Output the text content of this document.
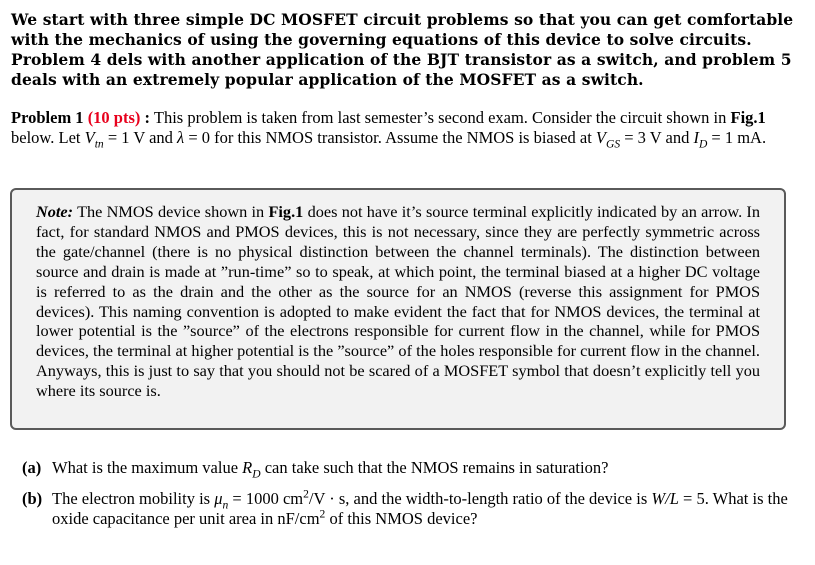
We start with three simple DC MOSFET circuit problems so that you can get comfortable with the mechanics of using the governing equations of this device to solve circuits. Problem 4 dels with another application of the BJT transistor as a switch, and problem 5 deals with an extremely popular application of the MOSFET as a switch.
Problem 1 (10 pts) : This problem is taken from last semester’s second exam. Consider the circuit shown in Fig.1 below. Let $V_{tn} = 1$ V and λ = 0 for this NMOS transistor. Assume the NMOS is biased at $V_{GS} = 3$ V and $I_D = 1$ mA.
Note: The NMOS device shown in Fig.1 does not have it’s source terminal explicitly indicated by an arrow. In fact, for standard NMOS and PMOS devices, this is not necessary, since they are perfectly symmetric across the gate/channel (there is no physical distinction between the channel terminals). The distinction between source and drain is made at ”run-time” so to speak, at which point, the terminal biased at a higher DC voltage is referred to as the drain and the other as the source for an NMOS (reverse this assignment for PMOS devices). This naming convention is adopted to make evident the fact that for NMOS devices, the terminal at lower potential is the ”source” of the electrons responsible for current flow in the channel, while for PMOS devices, the terminal at higher potential is the ”source” of the holes responsible for current flow in the channel. Anyways, this is just to say that you should not be scared of a MOSFET symbol that doesn’t explicitly tell you where its source is.
(a) What is the maximum value $R_D$ can take such that the NMOS remains in saturation?
(b) The electron mobility is $\mu_n = 1000$ $cm^2/V \cdot s$, and the width-to-length ratio of the device is W/L = 5. What is the oxide capacitance per unit area in $nF/cm^2$ of this NMOS device?
